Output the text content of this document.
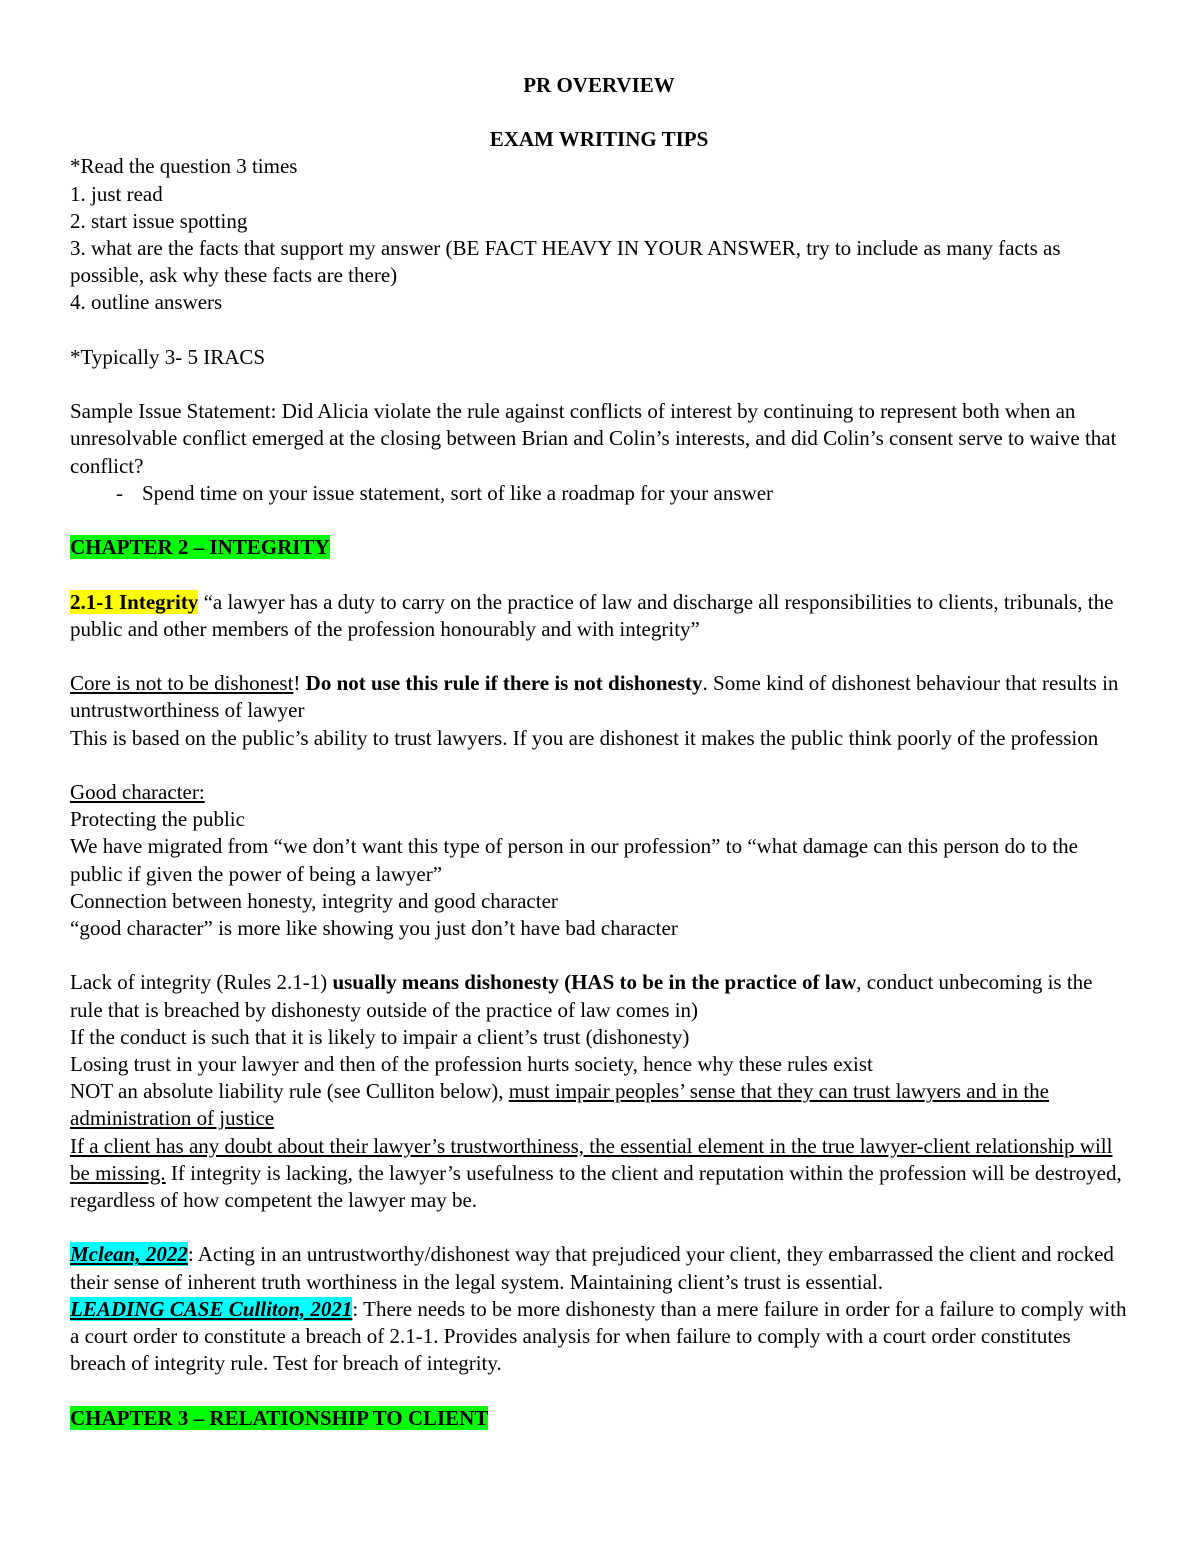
PR OVERVIEW

EXAM WRITING TIPS

*Read the question 3 times

1. just read

2. start issue spotting

3. what are the facts that support my answer (BE FACT HEAVY IN YOUR ANSWER, try to include as many facts as possible, ask why these facts are there)

4. outline answers

*Typically 3- 5 IRACS

Sample Issue Statement: Did Alicia violate the rule against conflicts of interest by continuing to represent both when an unresolvable conflict emerged at the closing between Brian and Colin’s interests, and did Colin’s consent serve to waive that conflict?

- Spend time on your issue statement, sort of like a roadmap for your answer

CHAPTER 2 – INTEGRITY

2.1-1 Integrity “a lawyer has a duty to carry on the practice of law and discharge all responsibilities to clients, tribunals, the public and other members of the profession honourably and with integrity”

Core is not to be dishonest! Do not use this rule if there is not dishonesty. Some kind of dishonest behaviour that results in untrustworthiness of lawyer

This is based on the public’s ability to trust lawyers. If you are dishonest it makes the public think poorly of the profession

Good character:

Protecting the public

We have migrated from “we don’t want this type of person in our profession” to “what damage can this person do to the public if given the power of being a lawyer”

Connection between honesty, integrity and good character

“good character” is more like showing you just don’t have bad character

Lack of integrity (Rules 2.1-1) usually means dishonesty (HAS to be in the practice of law, conduct unbecoming is the rule that is breached by dishonesty outside of the practice of law comes in)

If the conduct is such that it is likely to impair a client’s trust (dishonesty)

Losing trust in your lawyer and then of the profession hurts society, hence why these rules exist

NOT an absolute liability rule (see Culliton below), must impair peoples’ sense that they can trust lawyers and in the administration of justice

If a client has any doubt about their lawyer’s trustworthiness, the essential element in the true lawyer-client relationship will be missing. If integrity is lacking, the lawyer’s usefulness to the client and reputation within the profession will be destroyed, regardless of how competent the lawyer may be.

Mclean, 2022: Acting in an untrustworthy/dishonest way that prejudiced your client, they embarrassed the client and rocked their sense of inherent truth worthiness in the legal system. Maintaining client’s trust is essential.

LEADING CASE Culliton, 2021: There needs to be more dishonesty than a mere failure in order for a failure to comply with a court order to constitute a breach of 2.1-1. Provides analysis for when failure to comply with a court order constitutes breach of integrity rule. Test for breach of integrity.

CHAPTER 3 – RELATIONSHIP TO CLIENT
